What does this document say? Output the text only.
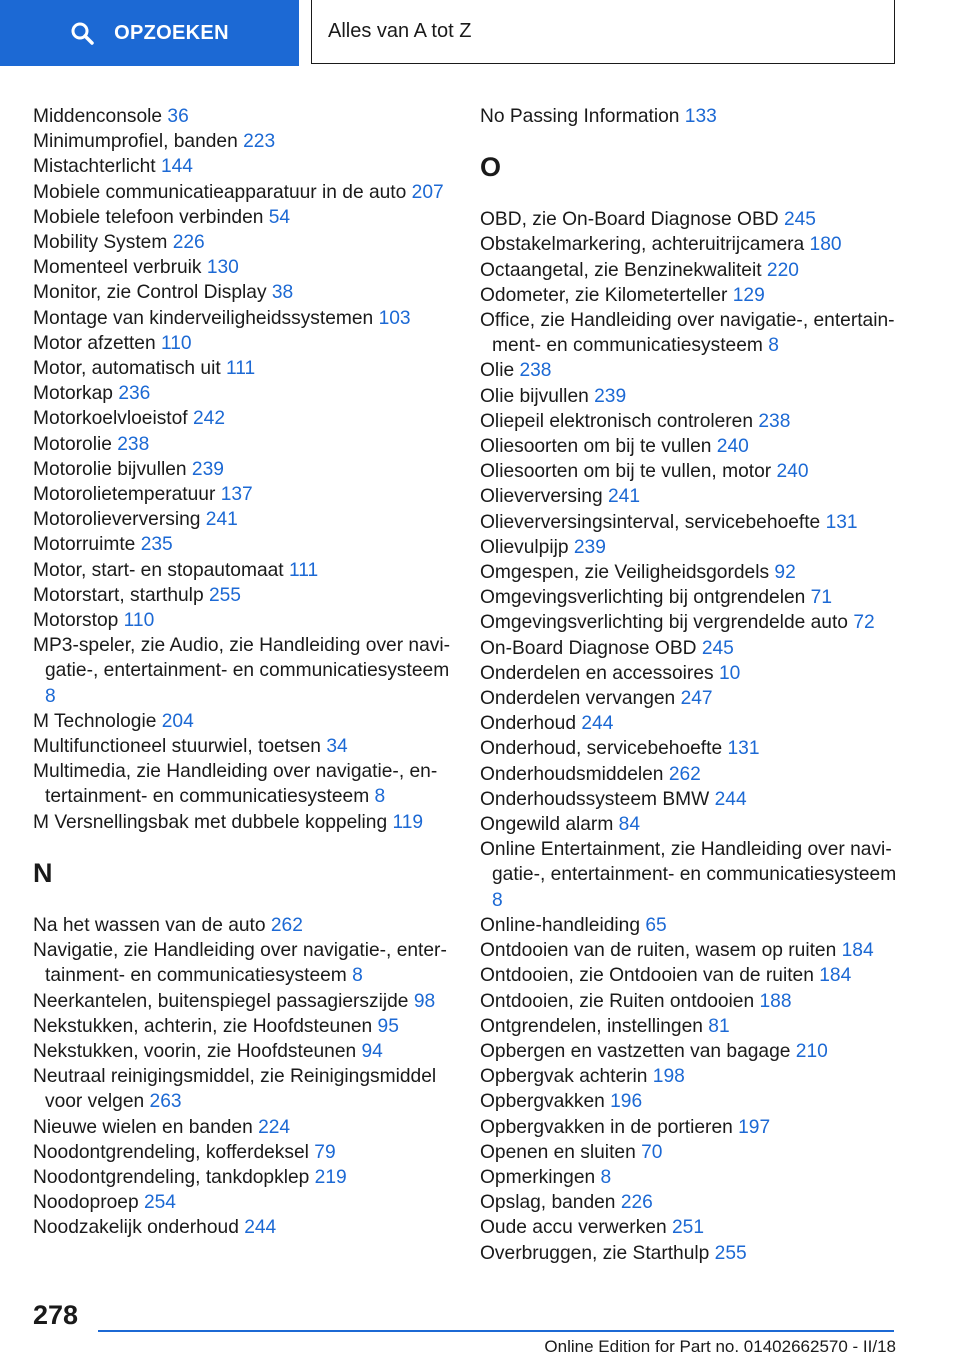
OPZOEKEN	Alles van A tot Z
Middenconsole 36
Minimumprofiel, banden 223
Mistachterlicht 144
Mobiele communicatieapparatuur in de auto 207
Mobiele telefoon verbinden 54
Mobility System 226
Momenteel verbruik 130
Monitor, zie Control Display 38
Montage van kinderveiligheidssystemen 103
Motor afzetten 110
Motor, automatisch uit 111
Motorkap 236
Motorkoelvloeistof 242
Motorolie 238
Motorolie bijvullen 239
Motorolietemperatuur 137
Motorolieverversing 241
Motorruimte 235
Motor, start- en stopautomaat 111
Motorstart, starthulp 255
Motorstop 110
MP3-speler, zie Audio, zie Handleiding over navigatie-, entertainment- en communicatiesysteem 8
M Technologie 204
Multifunctioneel stuurwiel, toetsen 34
Multimedia, zie Handleiding over navigatie-, entertainment- en communicatiesysteem 8
M Versnellingsbak met dubbele koppeling 119
N
Na het wassen van de auto 262
Navigatie, zie Handleiding over navigatie-, entertainment- en communicatiesysteem 8
Neerkantelen, buitenspiegel passagierszijde 98
Nekstukken, achterin, zie Hoofdsteunen 95
Nekstukken, voorin, zie Hoofdsteunen 94
Neutraal reinigingsmiddel, zie Reinigingsmiddel voor velgen 263
Nieuwe wielen en banden 224
Noodontgrendeling, kofferdeksel 79
Noodontgrendeling, tankdopklep 219
Noodoproep 254
Noodzakelijk onderhoud 244
No Passing Information 133
O
OBD, zie On-Board Diagnose OBD 245
Obstakelmarkering, achteruitrijcamera 180
Octaangetal, zie Benzinekwaliteit 220
Odometer, zie Kilometerteller 129
Office, zie Handleiding over navigatie-, entertainment- en communicatiesysteem 8
Olie 238
Olie bijvullen 239
Oliepeil elektronisch controleren 238
Oliesoorten om bij te vullen 240
Oliesoorten om bij te vullen, motor 240
Olieverversing 241
Olieverversingsinterval, servicebehoefte 131
Olievulpijp 239
Omgespen, zie Veiligheidsgordels 92
Omgevingsverlichting bij ontgrendelen 71
Omgevingsverlichting bij vergrendelde auto 72
On-Board Diagnose OBD 245
Onderdelen en accessoires 10
Onderdelen vervangen 247
Onderhoud 244
Onderhoud, servicebehoefte 131
Onderhoudsmiddelen 262
Onderhoudssysteem BMW 244
Ongewild alarm 84
Online Entertainment, zie Handleiding over navigatie-, entertainment- en communicatiesysteem 8
Online-handleiding 65
Ontdooien van de ruiten, wasem op ruiten 184
Ontdooien, zie Ontdooien van de ruiten 184
Ontdooien, zie Ruiten ontdooien 188
Ontgrendelen, instellingen 81
Opbergen en vastzetten van bagage 210
Opbergvak achterin 198
Opbergvakken 196
Opbergvakken in de portieren 197
Openen en sluiten 70
Opmerkingen 8
Opslag, banden 226
Oude accu verwerken 251
Overbruggen, zie Starthulp 255
278
Online Edition for Part no. 01402662570 - II/18
